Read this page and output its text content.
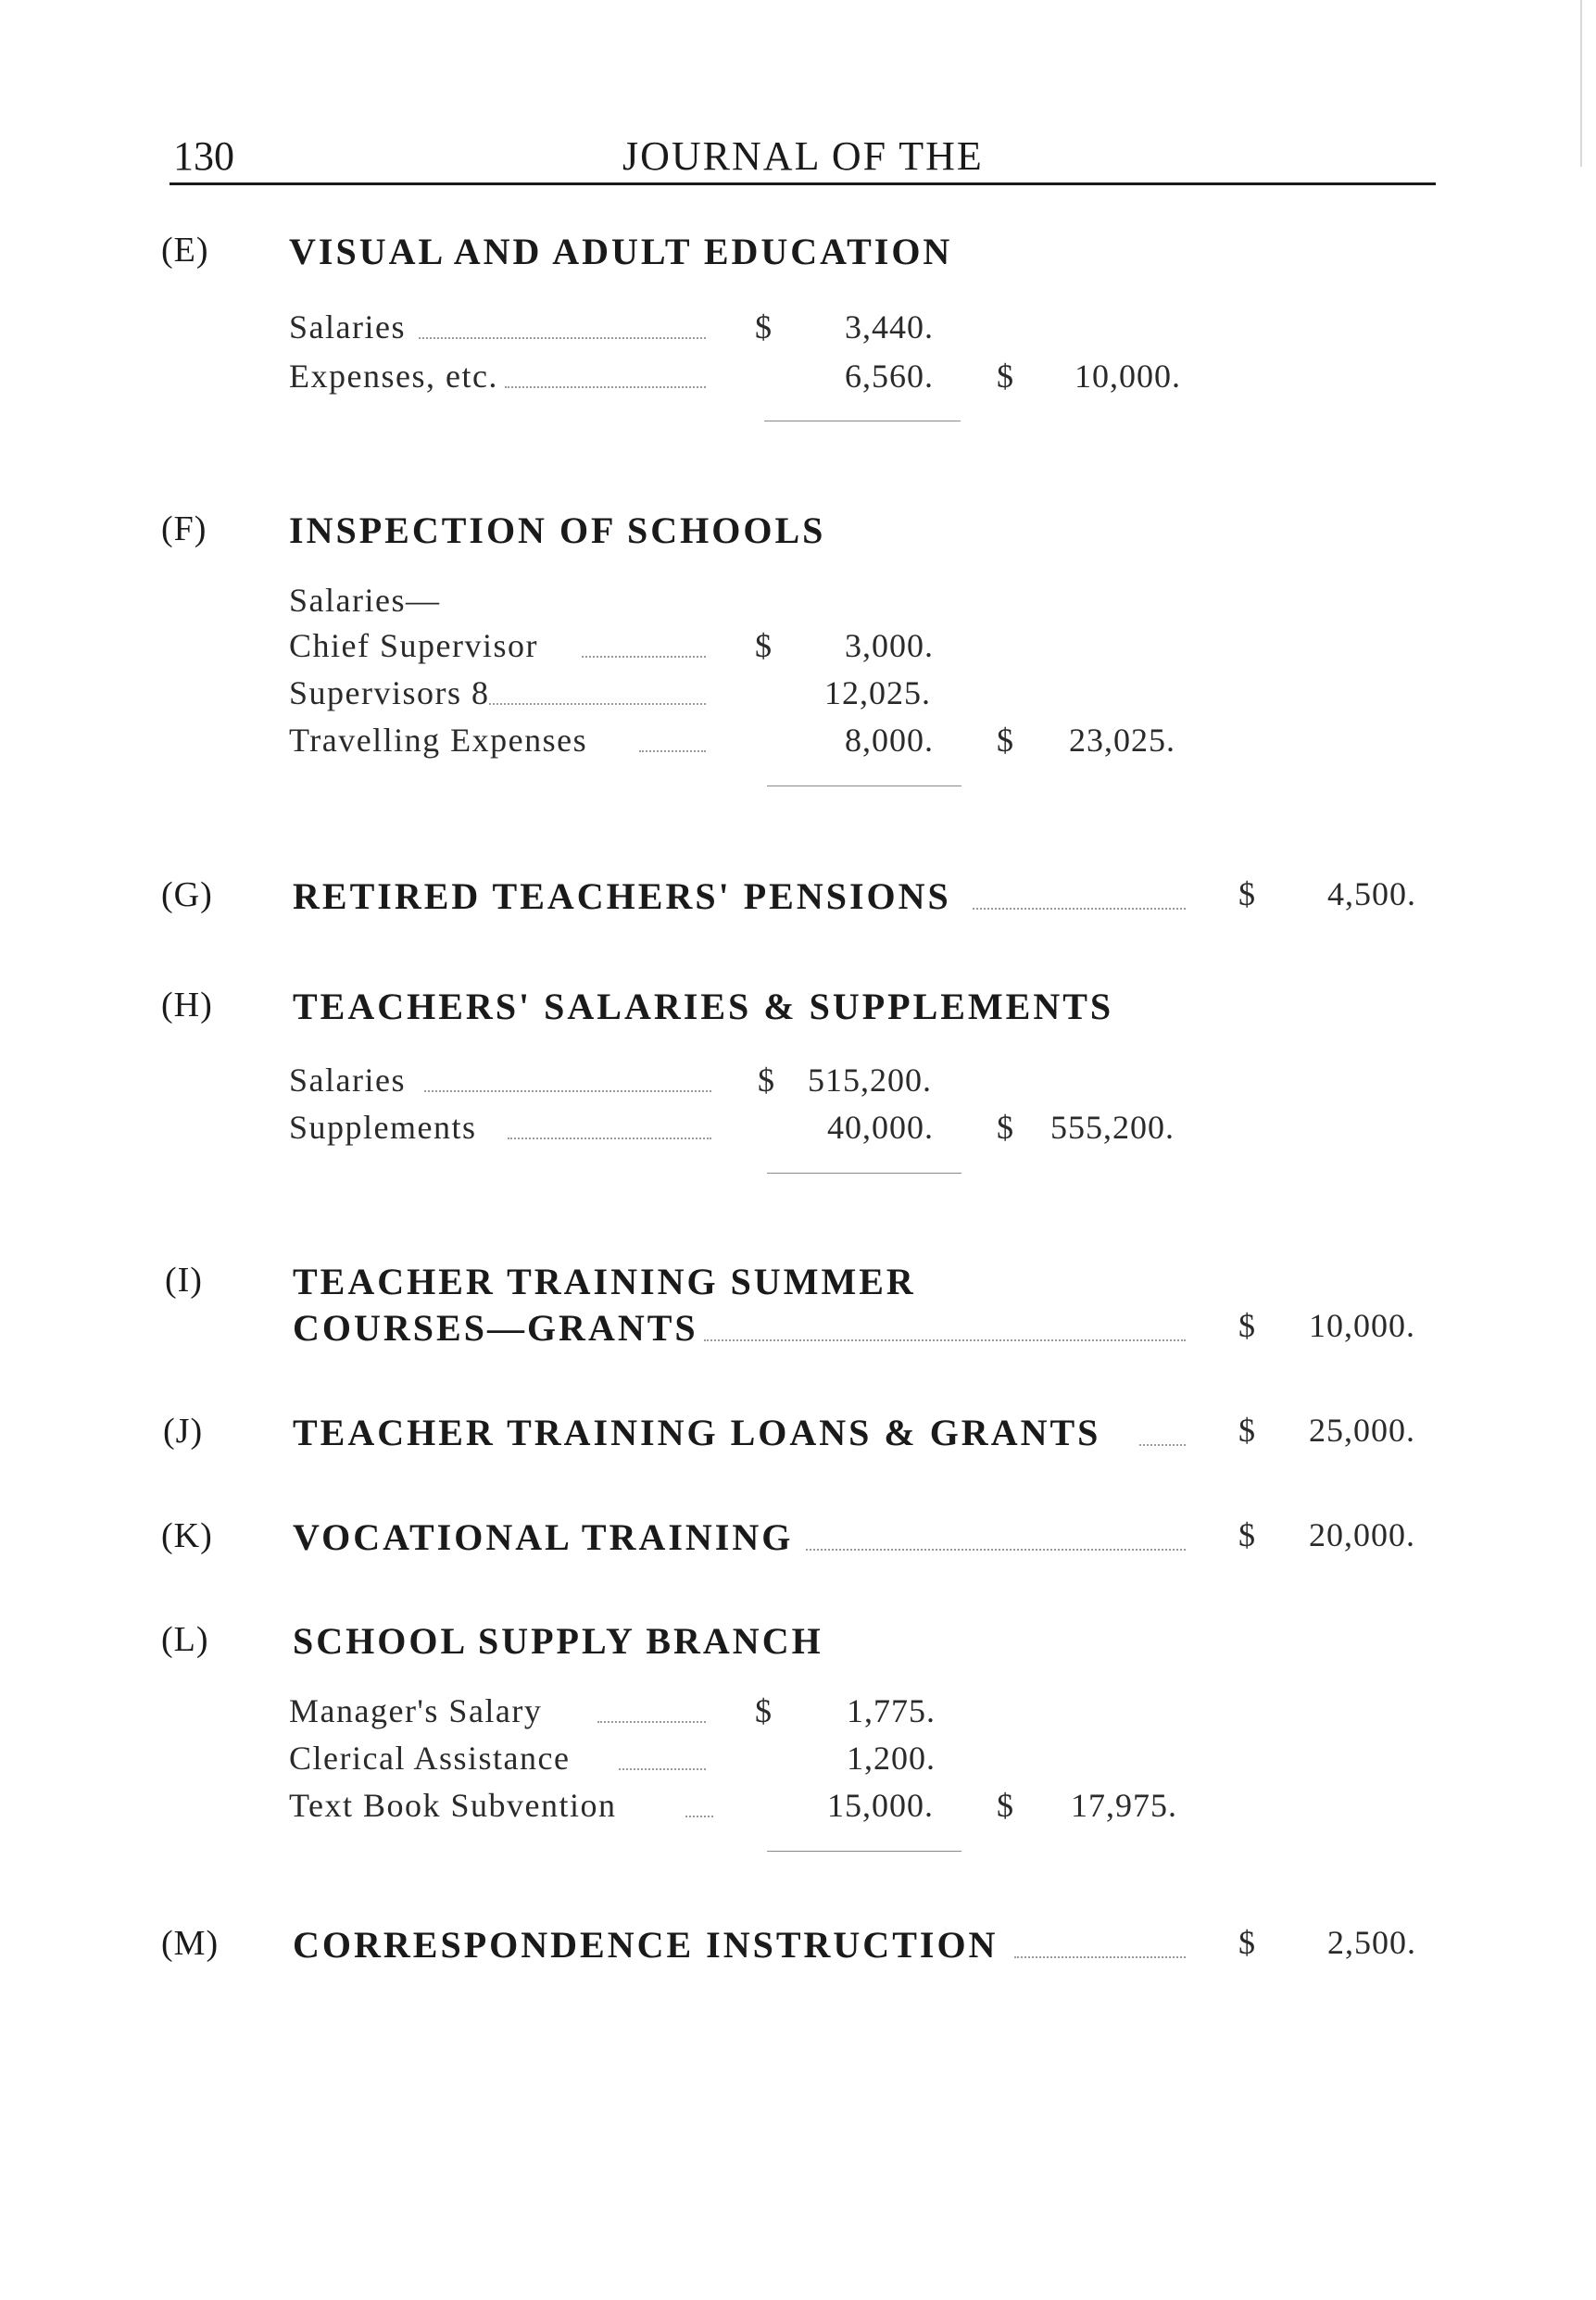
130	JOURNAL OF THE
(E) VISUAL AND ADULT EDUCATION
Salaries	$ 3,440.
Expenses, etc.	6,560. $ 10,000.
(F) INSPECTION OF SCHOOLS
Salaries—
Chief Supervisor	$ 3,000.
Supervisors 8	12,025.
Travelling Expenses	8,000. $ 23,025.
(G) RETIRED TEACHERS' PENSIONS	$ 4,500.
(H) TEACHERS' SALARIES & SUPPLEMENTS
Salaries	$ 515,200.
Supplements	40,000. $ 555,200.
(I) TEACHER TRAINING SUMMER
COURSES—GRANTS	$ 10,000.
(J) TEACHER TRAINING LOANS & GRANTS	$ 25,000.
(K) VOCATIONAL TRAINING	$ 20,000.
(L) SCHOOL SUPPLY BRANCH
Manager's Salary	$ 1,775.
Clerical Assistance	1,200.
Text Book Subvention	15,000. $ 17,975.
(M) CORRESPONDENCE INSTRUCTION	$ 2,500.
